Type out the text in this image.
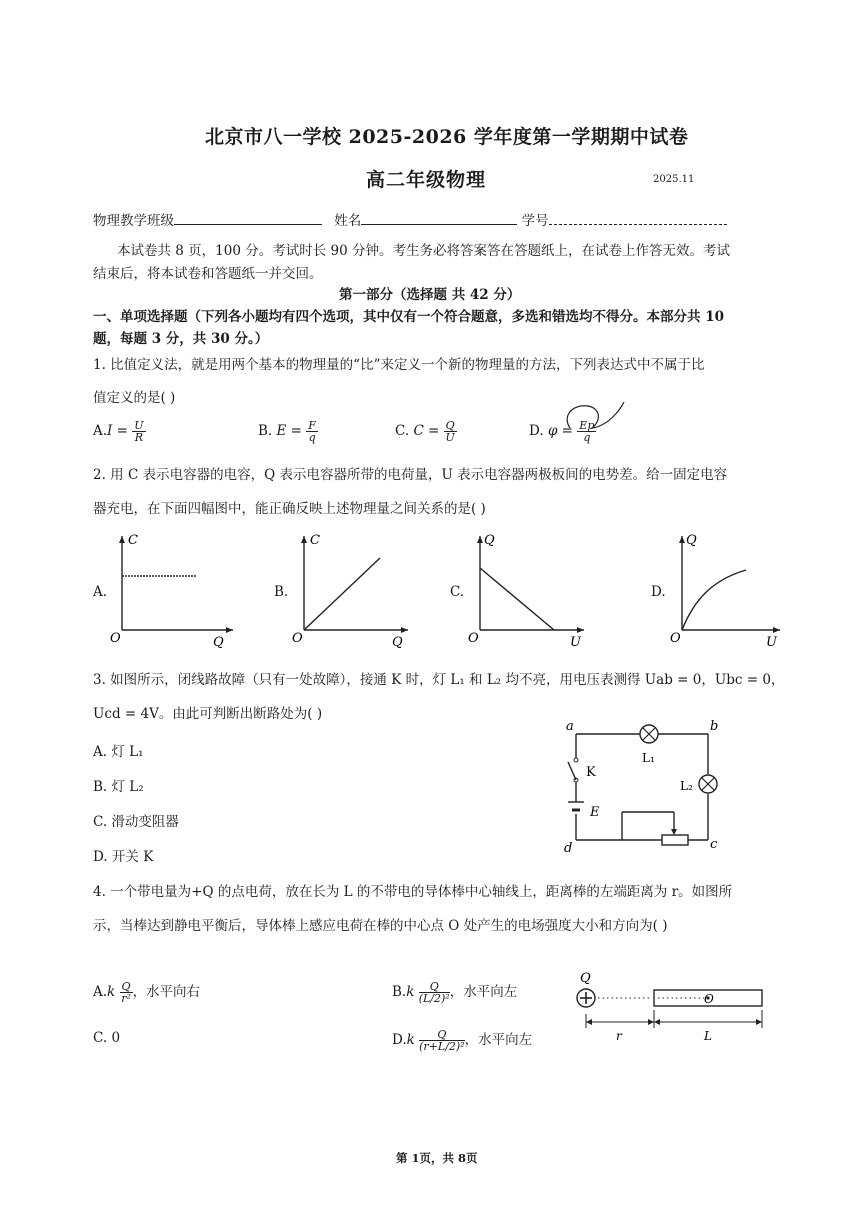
北京市八一学校 2025-2026 学年度第一学期期中试卷
高二年级物理	2025.11
物理教学班级	姓名	学号
本试卷共 8 页，100 分。考试时长 90 分钟。考生务必将答案答在答题纸上，在试卷上作答无效。考试
结束后，将本试卷和答题纸一并交回。
第一部分（选择题 共 42 分）
一、单项选择题（下列各小题均有四个选项，其中仅有一个符合题意，多选和错选均不得分。本部分共 10
题，每题 3 分，共 30 分。）
1. 比值定义法，就是用两个基本的物理量的“比”来定义一个新的物理量的方法，下列表达式中不属于比
值定义的是( )
$A.I = \frac{U}{R}$	B. $E = \frac{F}{q}$	C. $C = \frac{Q}{U}$	D. $\varphi = \frac{Ep}{q}$
2. 用 C 表示电容器的电容，Q 表示电容器所带的电荷量，U 表示电容器两极板间的电势差。给一固定电容
器充电，在下面四幅图中，能正确反映上述物理量之间关系的是( )
A.
C
Q
O
B.
C
Q
O
C.
Q
U
O
D.
Q
U
O
3. 如图所示，闭线路故障（只有一处故障），接通 K 时，灯 L₁ 和 L₂ 均不亮，用电压表测得 Uab = 0，Ubc = 0，
Ucd = 4V。由此可判断出断路处为( )
A. 灯 L₁
B. 灯 L₂
C. 滑动变阻器
D. 开关 K
a	b
c
d
K
E
L₁
L₂
4. 一个带电量为+Q 的点电荷，放在长为 L 的不带电的导体棒中心轴线上，距离棒的左端距离为 r。如图所
示，当棒达到静电平衡后，导体棒上感应电荷在棒的中心点 O 处产生的电场强度大小和方向为( )
$A.k \frac{Q}{\text{r²}}$ ，水平向右
C. 0
$B.k \frac{Q}{\text{(L/2)²}}$ ，水平向左
$D.k \frac{Q}{\text{(r+L/2)²}}$ ，水平向左
Q
O
r	L
第 1页，共 8页
